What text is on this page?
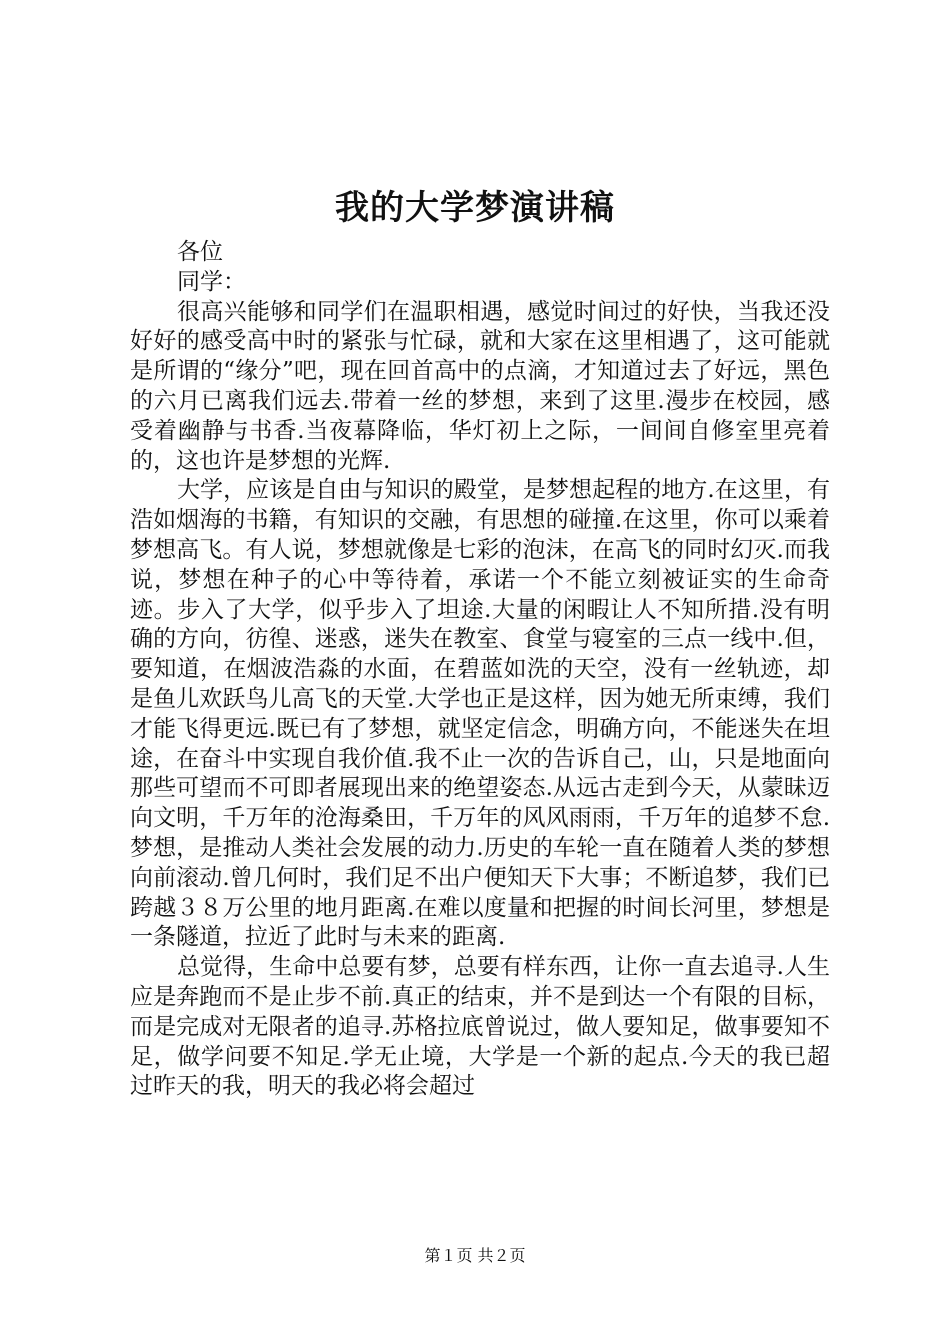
我的大学梦演讲稿

各位

同学：

很高兴能够和同学们在温职相遇，感觉时间过的好快，当我还没好好的感受高中时的紧张与忙碌，就和大家在这里相遇了，这可能就是所谓的“缘分”吧，现在回首高中的点滴，才知道过去了好远，黑色的六月已离我们远去.带着一丝的梦想，来到了这里.漫步在校园，感受着幽静与书香.当夜幕降临，华灯初上之际，一间间自修室里亮着的，这也许是梦想的光辉.

大学，应该是自由与知识的殿堂，是梦想起程的地方.在这里，有浩如烟海的书籍，有知识的交融，有思想的碰撞.在这里，你可以乘着梦想高飞。有人说，梦想就像是七彩的泡沫，在高飞的同时幻灭.而我说，梦想在种子的心中等待着，承诺一个不能立刻被证实的生命奇迹。步入了大学，似乎步入了坦途.大量的闲暇让人不知所措.没有明确的方向，彷徨、迷惑，迷失在教室、食堂与寝室的三点一线中.但，要知道，在烟波浩淼的水面，在碧蓝如洗的天空，没有一丝轨迹，却是鱼儿欢跃鸟儿高飞的天堂.大学也正是这样，因为她无所束缚，我们才能飞得更远.既已有了梦想，就坚定信念，明确方向，不能迷失在坦途，在奋斗中实现自我价值.我不止一次的告诉自己，山，只是地面向那些可望而不可即者展现出来的绝望姿态.从远古走到今天，从蒙昧迈向文明，千万年的沧海桑田，千万年的风风雨雨，千万年的追梦不怠.梦想，是推动人类社会发展的动力.历史的车轮一直在随着人类的梦想向前滚动.曾几何时，我们足不出户便知天下大事；不断追梦，我们已跨越３８万公里的地月距离.在难以度量和把握的时间长河里，梦想是一条隧道，拉近了此时与未来的距离.

总觉得，生命中总要有梦，总要有样东西，让你一直去追寻.人生应是奔跑而不是止步不前.真正的结束，并不是到达一个有限的目标，而是完成对无限者的追寻.苏格拉底曾说过，做人要知足，做事要知不足，做学问要不知足.学无止境，大学是一个新的起点.今天的我已超过昨天的我，明天的我必将会超过

第１页 共２页
